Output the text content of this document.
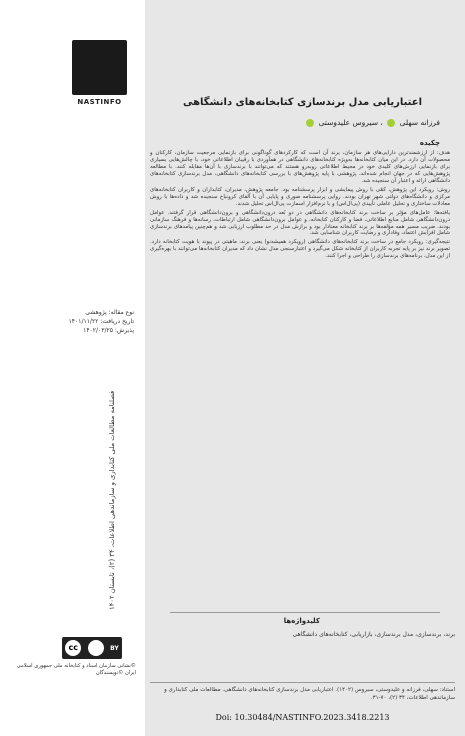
NASTINFO
نوع مقاله: پژوهشی
تاریخ دریافت: ۱۴۰۱/۱۱/۲۲
پذیرش: ۱۴۰۲/۰۳/۲۵
فصلنامه مطالعات ملی کتابداری و سازماندهی اطلاعات، ۳۴ (۲)، تابستان ۱۴۰۲
cc	BY
©نشانی سازمان اسناد و کتابخانه ملی جمهوری اسلامی ایران ©نویسندگان
اعتباریابی مدل برندسازی کتابخانه‌های دانشگاهی
فرزانه سهلی  ، سیروس علیدوستی
چکیده

هدف: از ارزشمندترین دارایی‌های هر سازمان، برند آن است که کارکردهای گوناگونی برای بازنمایی مرجعیت سازمان، کارکنان و محصولات آن دارد. در این میان کتابخانه‌ها به‌ویژه کتابخانه‌های دانشگاهی در همآوردی با رقیبان اطلاعاتی خود، با چالش‌هایی بسیاری برای بازنمایی ارزش‌های کلیدی خود در محیط اطلاعاتی روبه‌رو هستند که می‌توانند با برندسازی با آن‌ها مقابله کنند. با مطالعه پژوهش‌هایی که در جهان انجام شده‌اند، پژوهشی با پایه پژوهش‌های با بررسی کتابخانه‌های دانشگاهی، مدل برندسازی کتابخانه‌های دانشگاهی ارائه و اعتبار آن سنجیده شد.

روش: رویکرد این پژوهش، کمّی با روش پیمایشی و ابزار پرسشنامه بود. جامعه پژوهش، مدیران، کتابداران و کاربران کتابخانه‌های مرکزی و دانشگاه‌های دولتی شهر تهران بودند. روایی پرسشنامه صوری و پایایی آن با آلفای کرونباخ سنجیده شد و داده‌ها با روش معادلات ساختاری و تحلیل عاملی تأییدی (پی‌ال‌اس) و با نرم‌افزار اسمارت پی‌ال‌اس تحلیل شدند.

یافته‌ها: عامل‌های مؤثر بر ساخت برند کتابخانه‌های دانشگاهی در دو بُعد درون‌دانشگاهی و برون‌دانشگاهی قرار گرفتند. عوامل درون‌دانشگاهی شامل منابع اطلاعاتی، فضا و کارکنان کتابخانه، و عوامل برون‌دانشگاهی شامل ارتباطات، رسانه‌ها و فرهنگ سازمانی بودند. ضریب مسیر همه مؤلفه‌ها بر برند کتابخانه معنادار بود و برازش مدل در حد مطلوب ارزیابی شد و هم‌چنین پیامدهای برندسازی شامل افزایش اعتماد، وفاداری و رضایت کاربران شناسایی شد.

نتیجه‌گیری: رویکرد جامع در ساخت برند کتابخانه‌های دانشگاهی (رویکرد همیشه‌نو) یعنی برند، ماهیتی در پیوند با هویت کتابخانه دارد. تصویر برند نیز بر پایه تجربه کاربران از کتابخانه شکل می‌گیرد و اعتبارسنجی مدل نشان داد که مدیران کتابخانه‌ها می‌توانند با بهره‌گیری از این مدل، برنامه‌های برندسازی را طراحی و اجرا کنند.

کلیدواژه‌ها
برند، برندسازی، مدل برندسازی، بازاریابی، کتابخانه‌های دانشگاهی
استناد: سهلی، فرزانه و علیدوستی، سیروس (۱۴۰۲). اعتباریابی مدل برندسازی کتابخانه‌های دانشگاهی. مطالعات ملی کتابداری و سازماندهی اطلاعات، ۳۴ (۲)، ۷۰-۳۱.
Doi: 10.30484/NASTINFO.2023.3418.2213
